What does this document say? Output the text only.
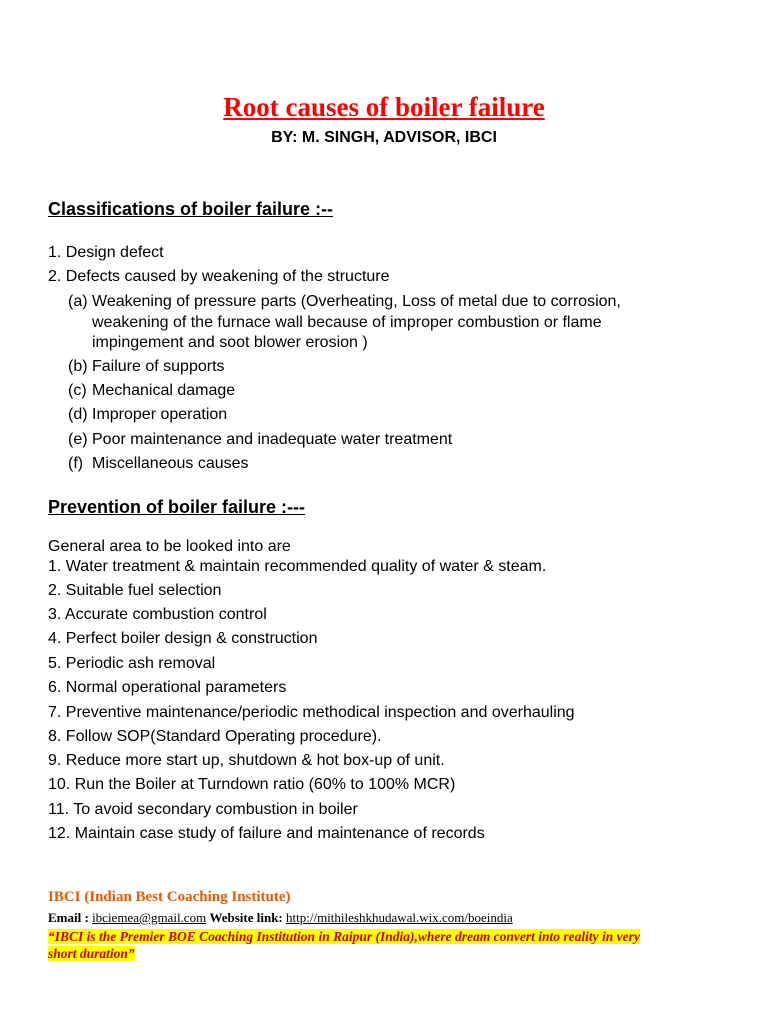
Root causes of boiler failure
BY: M. SINGH, ADVISOR, IBCI
Classifications of boiler failure :--
1. Design defect
2. Defects caused by weakening of the structure
(a) Weakening of pressure parts (Overheating, Loss of metal due to corrosion,
weakening of the furnace wall because of improper combustion or flame
impingement and soot blower erosion )
(b) Failure of supports
(c) Mechanical damage
(d) Improper operation
(e) Poor maintenance and inadequate water treatment
(f) Miscellaneous causes
Prevention of boiler failure :---
General area to be looked into are
1. Water treatment & maintain recommended quality of water & steam.
2. Suitable fuel selection
3. Accurate combustion control
4. Perfect boiler design & construction
5. Periodic ash removal
6. Normal operational parameters
7. Preventive maintenance/periodic methodical inspection and overhauling
8. Follow SOP(Standard Operating procedure).
9. Reduce more start up, shutdown & hot box-up of unit.
10. Run the Boiler at Turndown ratio (60% to 100% MCR)
11. To avoid secondary combustion in boiler
12. Maintain case study of failure and maintenance of records
IBCI (Indian Best Coaching Institute)
Email : ibciemea@gmail.com Website link: http://mithileshkhudawal.wix.com/boeindia
“IBCI is the Premier BOE Coaching Institution in Raipur (India),where dream convert into reality in very
short duration”
